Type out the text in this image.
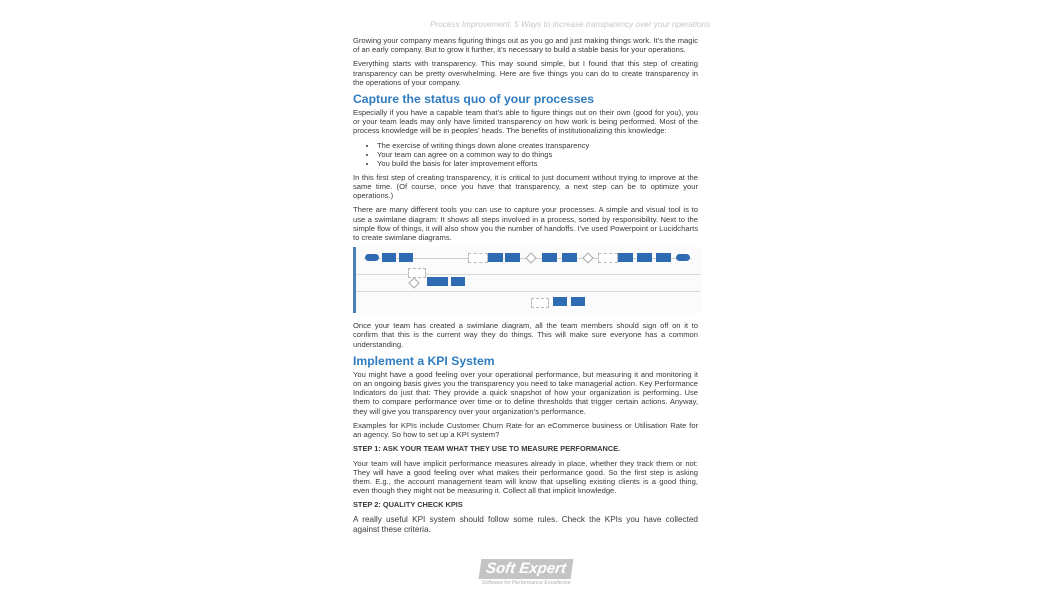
Process Improvement: 5 Ways to increase transparency over your operations

Growing your company means figuring things out as you go and just making things work. It’s the magic of an early company. But to grow it further, it’s necessary to build a stable basis for your operations.

Everything starts with transparency. This may sound simple, but I found that this step of creating transparency can be pretty overwhelming. Here are five things you can do to create transparency in the operations of your company.

Capture the status quo of your processes

Especially if you have a capable team that’s able to figure things out on their own (good for you), you or your team leads may only have limited transparency on how work is being performed. Most of the process knowledge will be in peoples’ heads. The benefits of institutionalizing this knowledge:

• The exercise of writing things down alone creates transparency
• Your team can agree on a common way to do things
• You build the basis for later improvement efforts

In this first step of creating transparency, it is critical to just document without trying to improve at the same time. (Of course, once you have that transparency, a next step can be to optimize your operations.)

There are many different tools you can use to capture your processes. A simple and visual tool is to use a swimlane diagram: It shows all steps involved in a process, sorted by responsibility. Next to the simple flow of things, it will also show you the number of handoffs. I’ve used Powerpoint or Lucidcharts to create swimlane diagrams.

Once your team has created a swimlane diagram, all the team members should sign off on it to confirm that this is the current way they do things. This will make sure everyone has a common understanding.

Implement a KPI System

You might have a good feeling over your operational performance, but measuring it and monitoring it on an ongoing basis gives you the transparency you need to take managerial action. Key Performance Indicators do just that: They provide a quick snapshot of how your organization is performing. Use them to compare performance over time or to define thresholds that trigger certain actions. Anyway, they will give you transparency over your organization’s performance.

Examples for KPIs include Customer Churn Rate for an eCommerce business or Utilisation Rate for an agency. So how to set up a KPI system?

STEP 1: ASK YOUR TEAM WHAT THEY USE TO MEASURE PERFORMANCE.

Your team will have implicit performance measures already in place, whether they track them or not: They will have a good feeling over what makes their performance good. So the first step is asking them. E.g., the account management team will know that upselling existing clients is a good thing, even though they might not be measuring it. Collect all that implicit knowledge.

STEP 2: QUALITY CHECK KPIS

A really useful KPI system should follow some rules. Check the KPIs you have collected against these criteria.

Soft Expert
Software for Performance Excellence
